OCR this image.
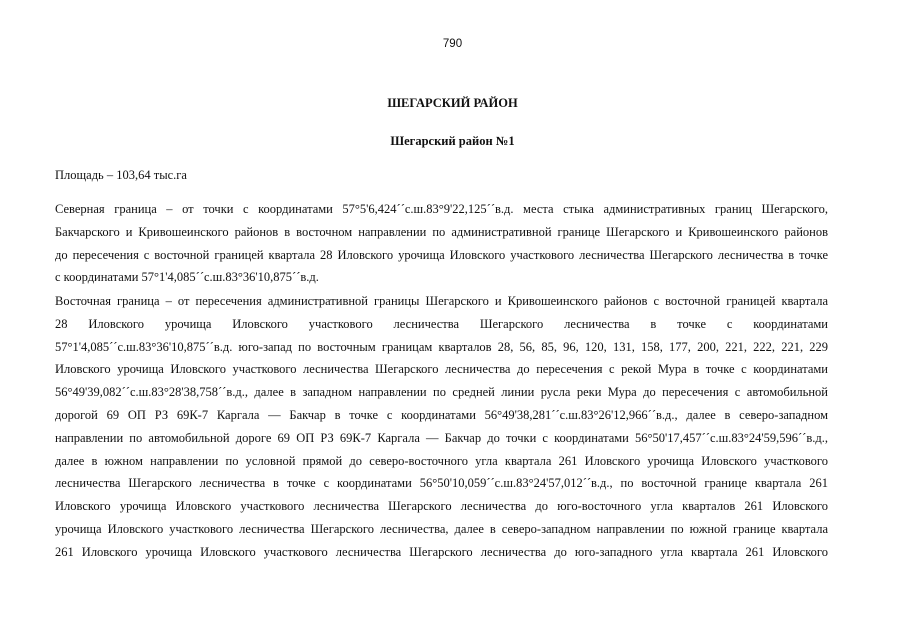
790
ШЕГАРСКИЙ РАЙОН
Шегарский район №1
Площадь – 103,64 тыс.га
Северная граница – от точки с координатами 57°5'6,424´´с.ш.83°9'22,125´´в.д. места стыка административных границ Шегарского,
Бакчарского и Кривошеинского районов в восточном направлении по административной границе Шегарского и Кривошеинского районов
до пересечения с восточной границей квартала 28 Иловского урочища Иловского участкового лесничества Шегарского лесничества в точке
с координатами 57°1'4,085´´с.ш.83°36'10,875´´в.д.
Восточная граница – от пересечения административной границы Шегарского и Кривошеинского районов с восточной границей квартала
28 Иловского урочища Иловского участкового лесничества Шегарского лесничества в точке с координатами
57°1'4,085´´с.ш.83°36'10,875´´в.д. юго-запад по восточным границам кварталов 28, 56, 85, 96, 120, 131, 158, 177, 200, 221, 222, 221, 229
Иловского урочища Иловского участкового лесничества Шегарского лесничества до пересечения с рекой Мура в точке с координатами
56°49'39,082´´с.ш.83°28'38,758´´в.д., далее в западном направлении по средней линии русла реки Мура до пересечения с автомобильной
дорогой 69 ОП РЗ 69К-7 Каргала — Бакчар в точке с координатами 56°49'38,281´´с.ш.83°26'12,966´´в.д., далее в северо-западном
направлении по автомобильной дороге 69 ОП РЗ 69К-7 Каргала — Бакчар до точки с координатами 56°50'17,457´´с.ш.83°24'59,596´´в.д.,
далее в южном направлении по условной прямой до северо-восточного угла квартала 261 Иловского урочища Иловского участкового
лесничества Шегарского лесничества в точке с координатами 56°50'10,059´´с.ш.83°24'57,012´´в.д., по восточной границе квартала 261
Иловского урочища Иловского участкового лесничества Шегарского лесничества до юго-восточного угла кварталов 261 Иловского
урочища Иловского участкового лесничества Шегарского лесничества, далее в северо-западном направлении по южной границе квартала
261 Иловского урочища Иловского участкового лесничества Шегарского лесничества до юго-западного угла квартала 261 Иловского
